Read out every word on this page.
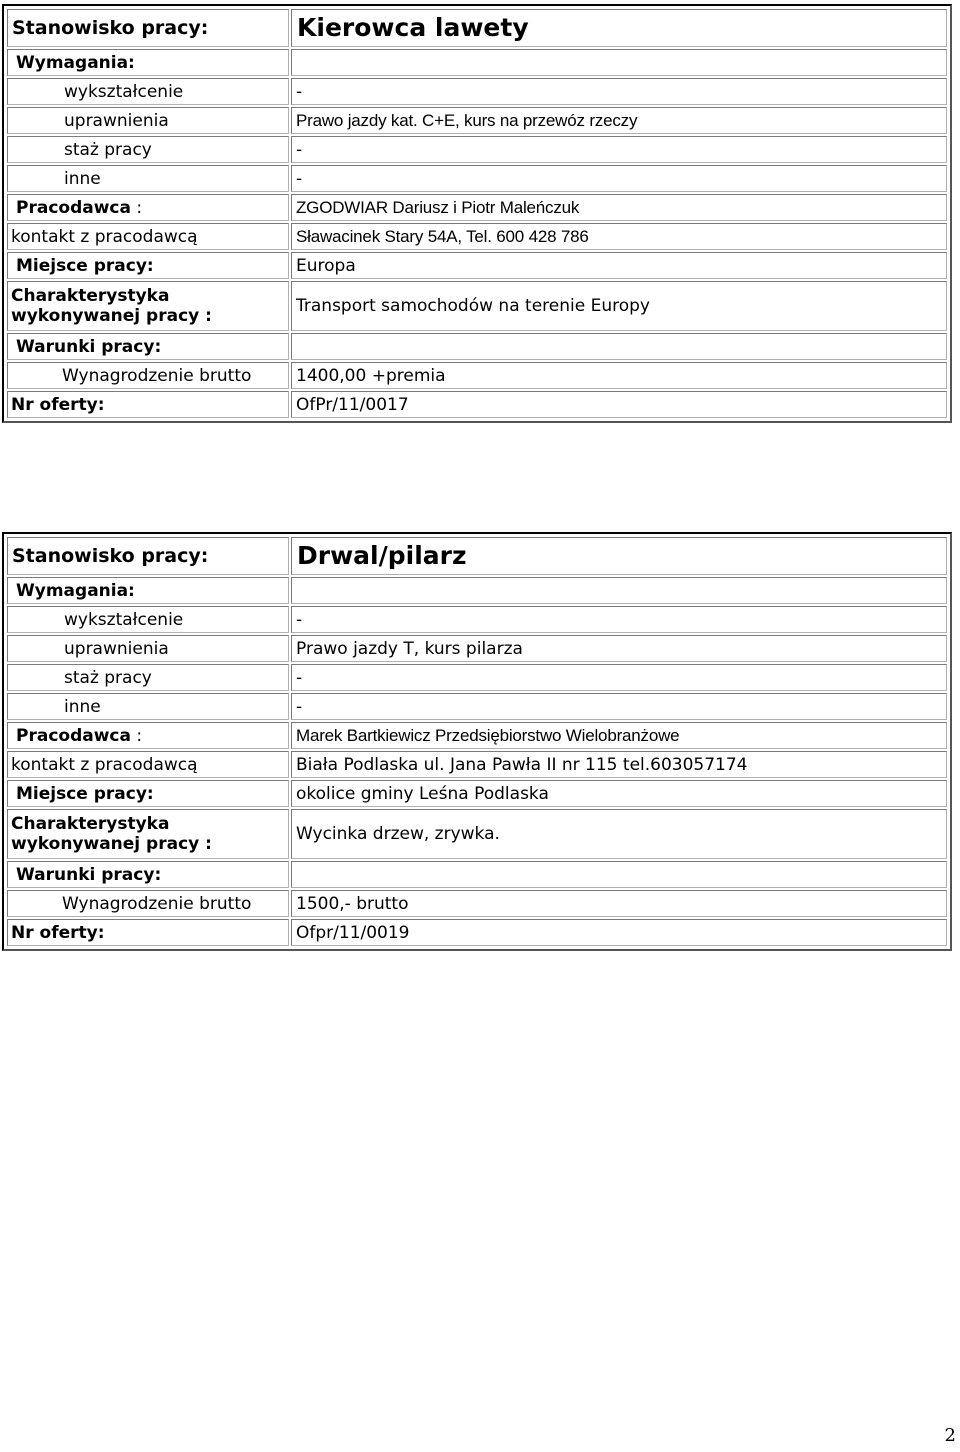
Stanowisko pracy:	Kierowca lawety
Wymagania:	
wykształcenie	-
uprawnienia	Prawo jazdy kat. C+E, kurs na przewóz rzeczy
staż pracy	-
inne	-
Pracodawca :	ZGODWIAR Dariusz i Piotr Maleńczuk
kontakt z pracodawcą	Sławacinek Stary 54A, Tel. 600 428 786
Miejsce pracy:	Europa

Charakterystyka
wykonywanej pracy :	Transport samochodów na terenie Europy
Warunki pracy:	
Wynagrodzenie brutto	1400,00 +premia
Nr oferty:	OfPr/11/0017
Stanowisko pracy:	Drwal/pilarz
Wymagania:	
wykształcenie	-
uprawnienia	Prawo jazdy T, kurs pilarza
staż pracy	-
inne	-
Pracodawca :	Marek Bartkiewicz Przedsiębiorstwo Wielobranżowe
kontakt z pracodawcą	Biała Podlaska ul. Jana Pawła II nr 115 tel.603057174
Miejsce pracy:	okolice gminy Leśna Podlaska

Charakterystyka
wykonywanej pracy :	Wycinka drzew, zrywka.
Warunki pracy:	
Wynagrodzenie brutto	1500,- brutto
Nr oferty:	Ofpr/11/0019
2
